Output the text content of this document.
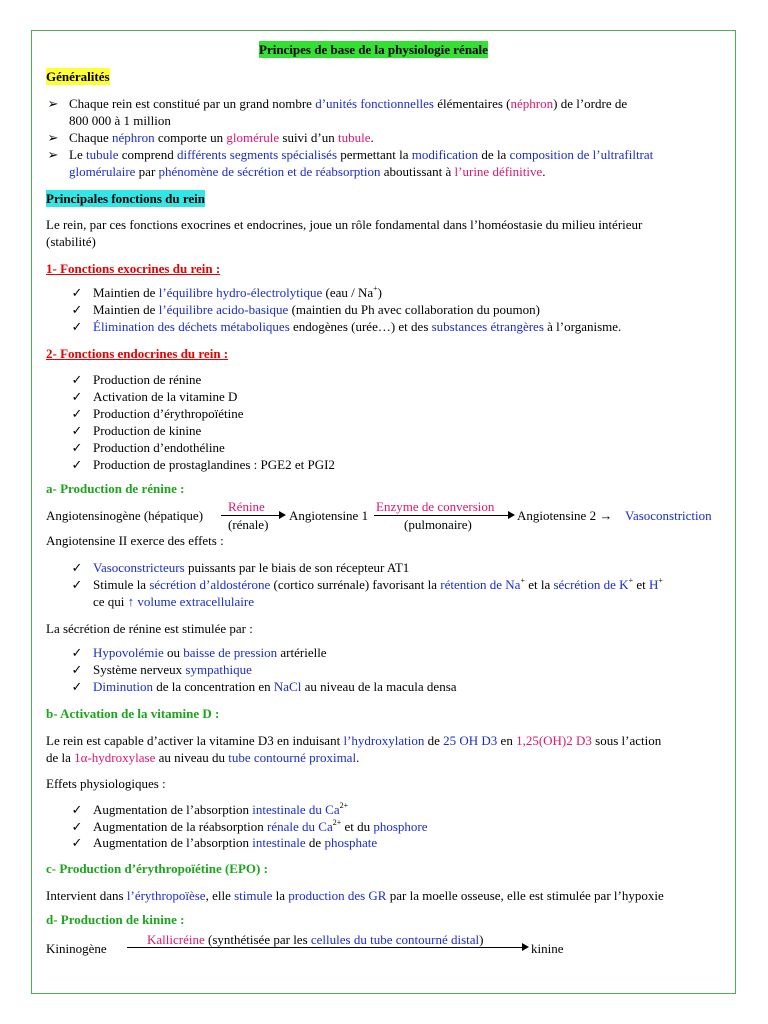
Principes de base de la physiologie rénale
Généralités
➢ Chaque rein est constitué par un grand nombre d’unités fonctionnelles élémentaires (néphron) de l’ordre de
800 000 à 1 million
➢ Chaque néphron comporte un glomérule suivi d’un tubule.
➢ Le tubule comprend différents segments spécialisés permettant la modification de la composition de l’ultrafiltrat
glomérulaire par phénomène de sécrétion et de réabsorption aboutissant à l’urine définitive.
Principales fonctions du rein
Le rein, par ces fonctions exocrines et endocrines, joue un rôle fondamental dans l’homéostasie du milieu intérieur
(stabilité)
1- Fonctions exocrines du rein :
✓ Maintien de l’équilibre hydro-électrolytique (eau / Na+)
✓ Maintien de l’équilibre acido-basique (maintien du Ph avec collaboration du poumon)
✓ Élimination des déchets métaboliques endogènes (urée…) et des substances étrangères à l’organisme.
2- Fonctions endocrines du rein :
✓ Production de rénine
✓ Activation de la vitamine D
✓ Production d’érythropoïétine
✓ Production de kinine
✓ Production d’endothéline
✓ Production de prostaglandines : PGE2 et PGI2
a- Production de rénine :
Angiotensinogène (hépatique)
Rénine
(rénale)
Angiotensine 1
Enzyme de conversion
(pulmonaire)
Angiotensine 2 → Vasoconstriction
Angiotensine II exerce des effets :
✓ Vasoconstricteurs puissants par le biais de son récepteur AT1
✓ Stimule la sécrétion d’aldostérone (cortico surrénale) favorisant la rétention de Na+ et la sécrétion de K+ et H+
ce qui ↑ volume extracellulaire
La sécrétion de rénine est stimulée par :
✓ Hypovolémie ou baisse de pression artérielle
✓ Système nerveux sympathique
✓ Diminution de la concentration en NaCl au niveau de la macula densa
b- Activation de la vitamine D :
Le rein est capable d’activer la vitamine D3 en induisant l’hydroxylation de 25 OH D3 en 1,25(OH)2 D3 sous l’action
de la 1α-hydroxylase au niveau du tube contourné proximal.
Effets physiologiques :
✓ Augmentation de l’absorption intestinale du $Ca^{2+}$
✓ Augmentation de la réabsorption rénale du $Ca^{2+}$ et du phosphore
✓ Augmentation de l’absorption intestinale de phosphate
c- Production d’érythropoïétine (EPO) :
Intervient dans l’érythropoïèse, elle stimule la production des GR par la moelle osseuse, elle est stimulée par l’hypoxie
d- Production de kinine :
Kininogène
Kallicréine (synthétisée par les cellules du tube contourné distal)
kinine
